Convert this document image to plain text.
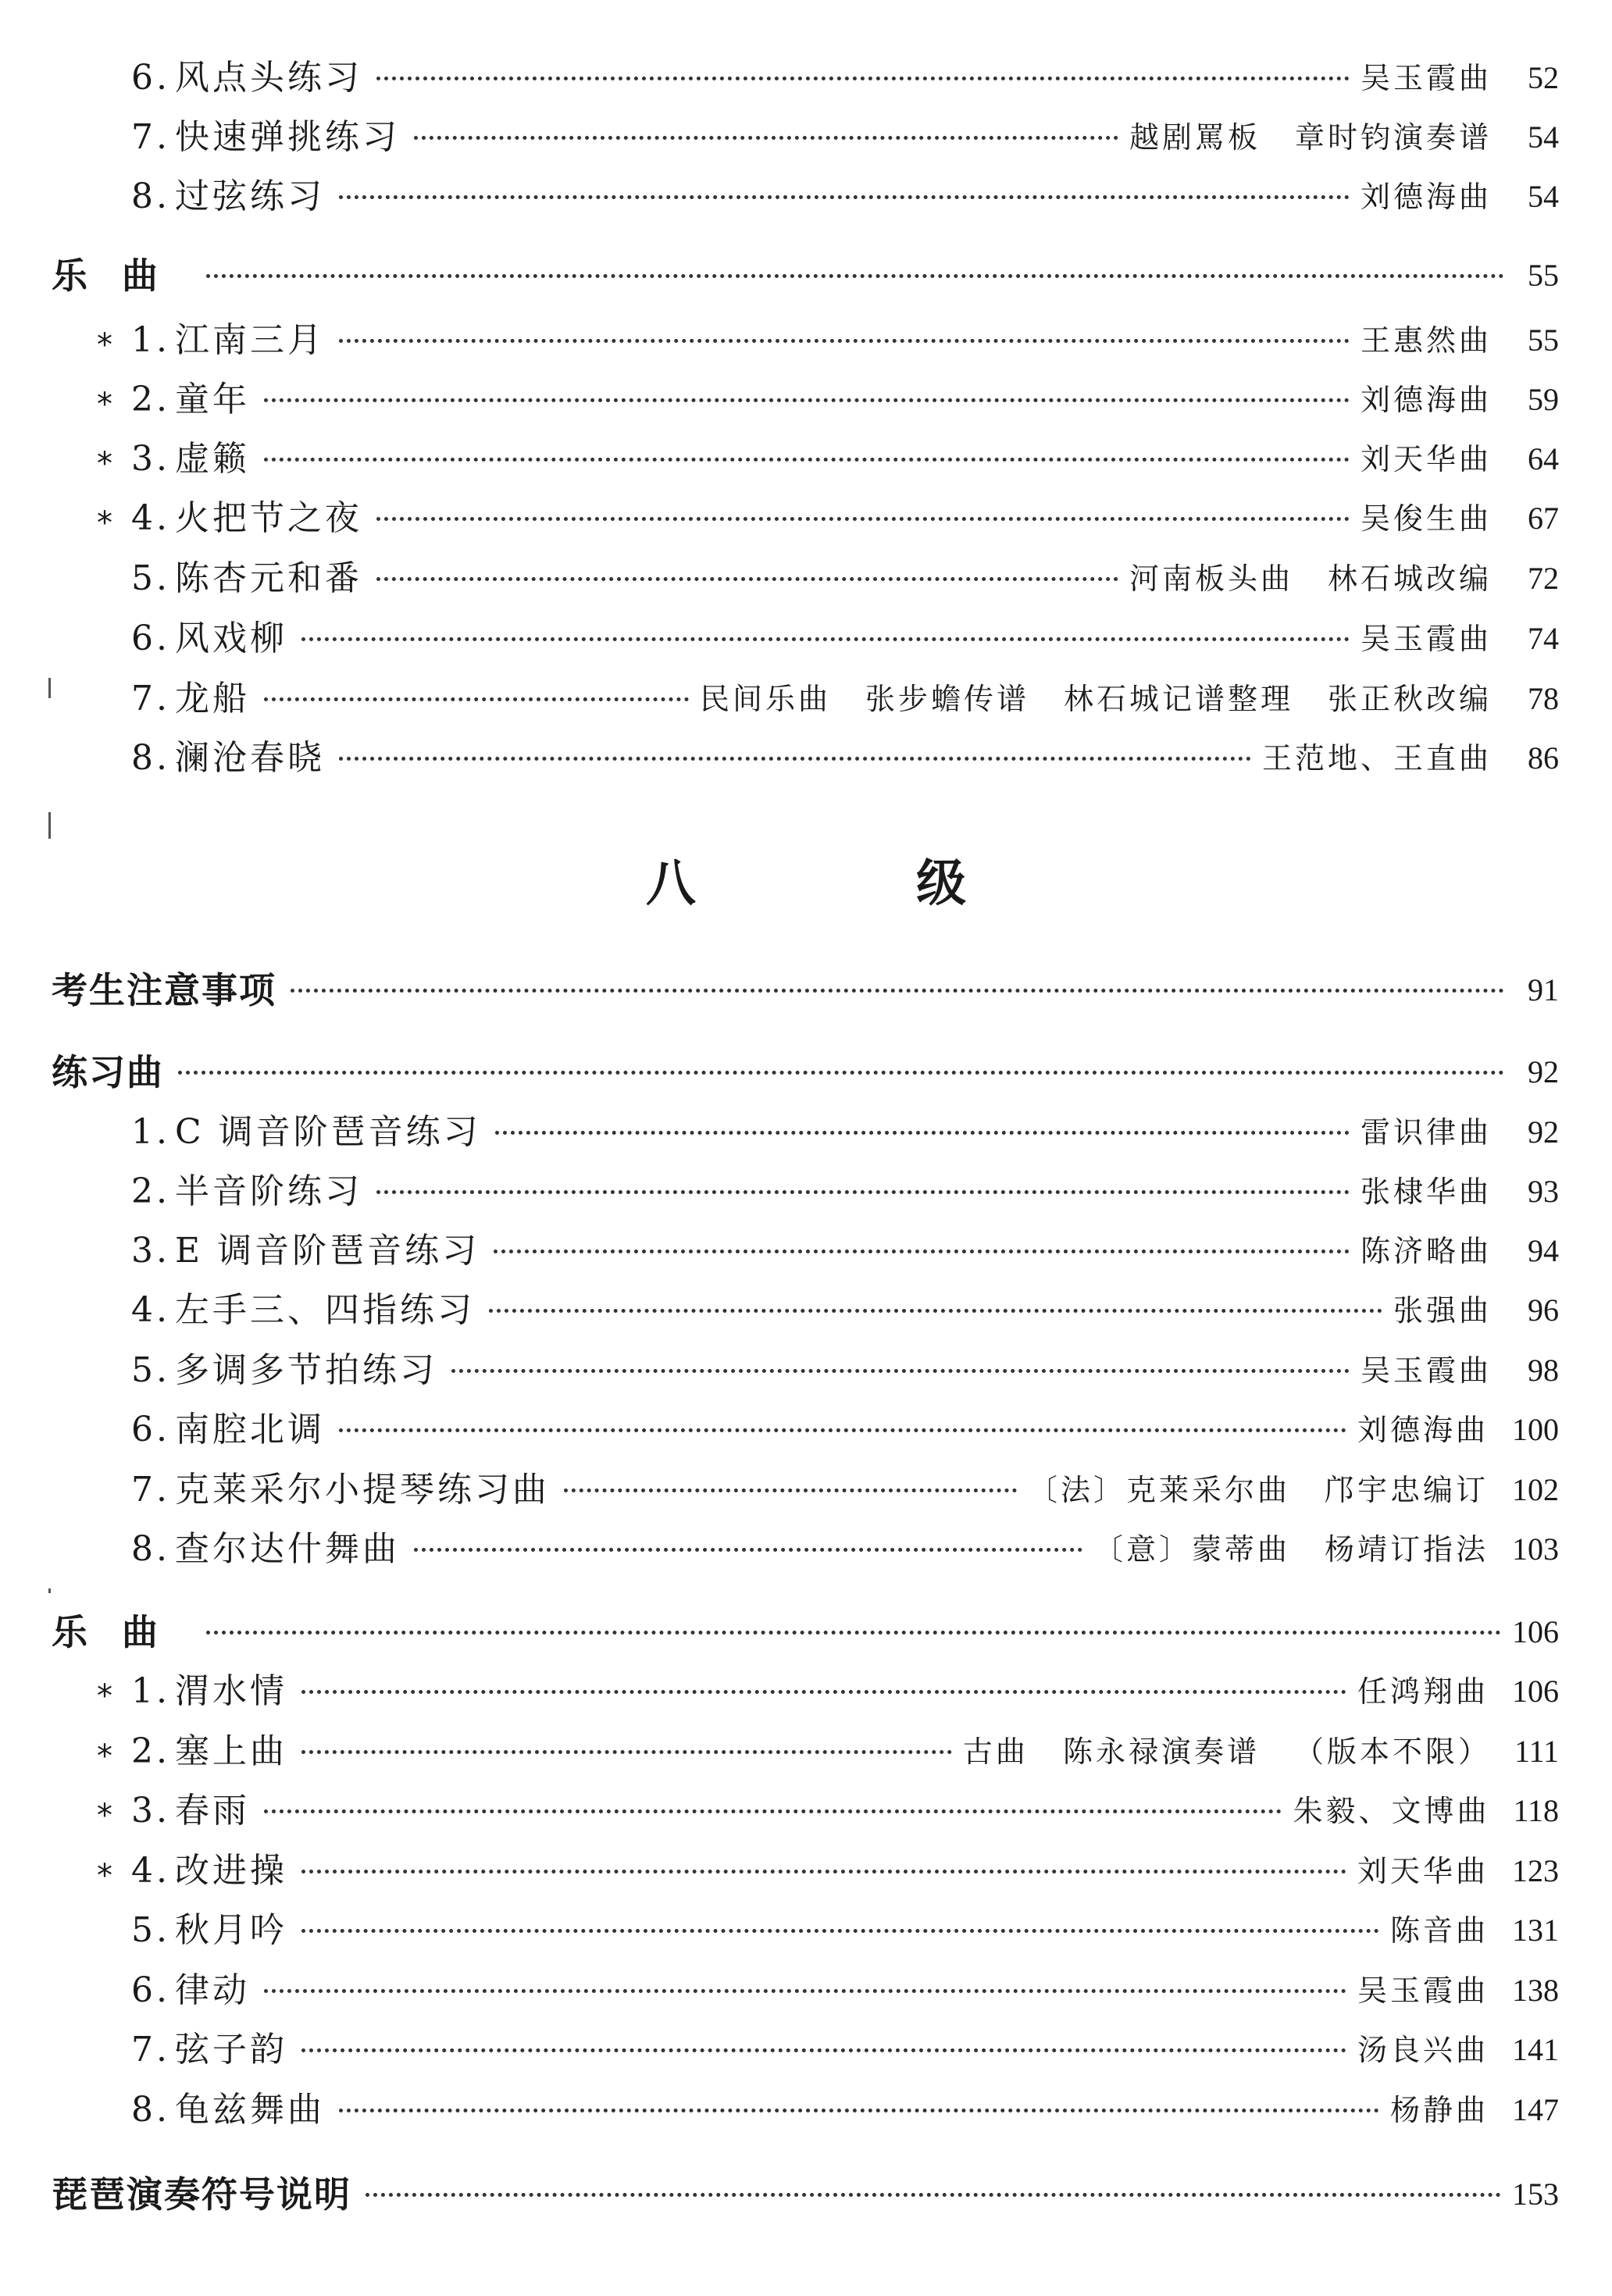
八 级
6. 风点头练习	吴玉霞曲	52
7. 快速弹挑练习	越剧罵板 章时钧演奏谱	54
8. 过弦练习	刘德海曲	54
乐曲	55
* 1. 江南三月	王惠然曲	55
* 2. 童年	刘德海曲	59
* 3. 虚籁	刘天华曲	64
* 4. 火把节之夜	吴俊生曲	67
5. 陈杏元和番	河南板头曲 林石城改编	72
6. 风戏柳	吴玉霞曲	74
7. 龙船	民间乐曲 张步蟾传谱 林石城记谱整理 张正秋改编	78
8. 澜沧春晓	王范地、王直曲	86
考生注意事项	91
练习曲	92
1. C 调音阶琶音练习	雷识律曲	92
2. 半音阶练习	张棣华曲	93
3. E 调音阶琶音练习	陈济略曲	94
4. 左手三、四指练习	张强曲	96
5. 多调多节拍练习	吴玉霞曲	98
6. 南腔北调	刘德海曲 100
7. 克莱采尔小提琴练习曲	〔法〕克莱采尔曲 邝宇忠编订 102
8. 查尔达什舞曲	〔意〕蒙蒂曲 杨靖订指法 103
乐曲	106
* 1. 渭水情	任鸿翔曲 106
* 2. 塞上曲	古曲 陈永禄演奏谱 （版本不限） 111
* 3. 春雨	朱毅、文博曲 118
* 4. 改进操	刘天华曲 123
5. 秋月吟	陈音曲 131
6. 律动	吴玉霞曲 138
7. 弦子韵	汤良兴曲 141
8. 龟兹舞曲	杨静曲 147
琵琶演奏符号说明	153
